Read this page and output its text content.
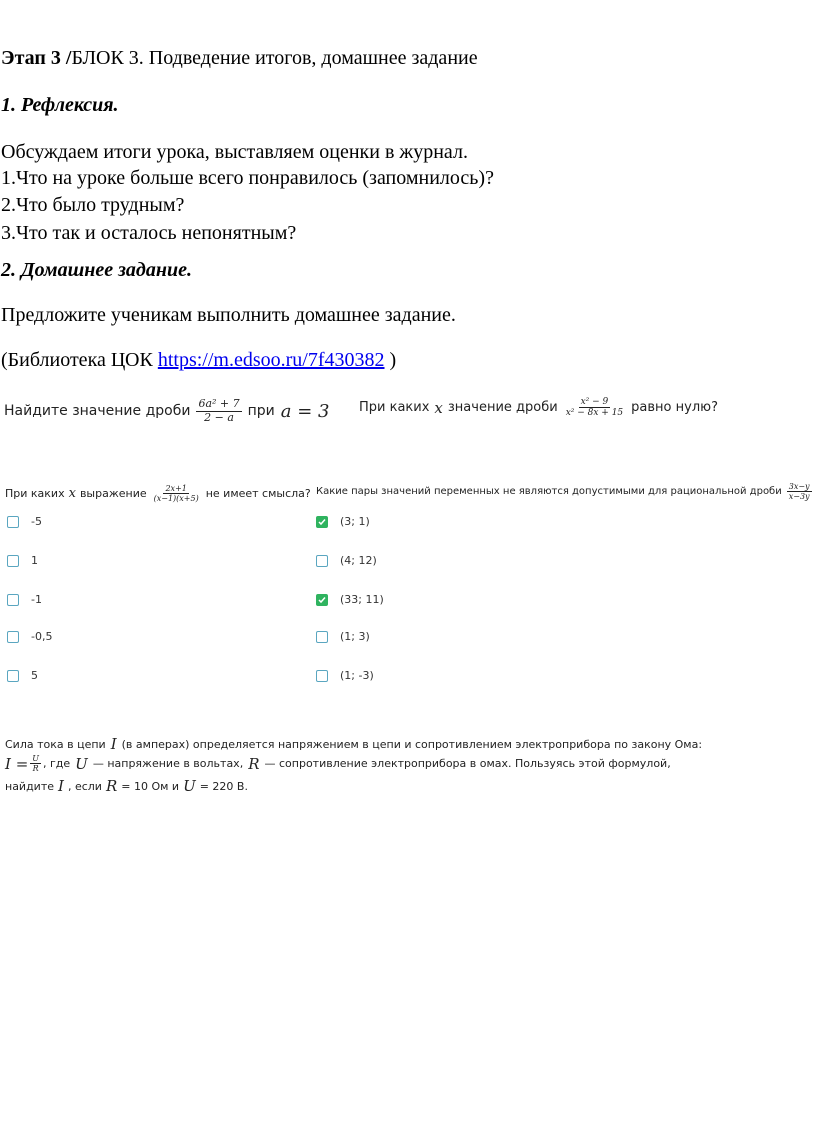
Этап 3 /БЛОК 3. Подведение итогов, домашнее задание
1. Рефлексия.
Обсуждаем итоги урока, выставляем оценки в журнал.
1.Что на уроке больше всего понравилось (запомнилось)?
2.Что было трудным?
3.Что так и осталось непонятным?
2. Домашнее задание.
Предложите ученикам выполнить домашнее задание.
(Библиотека ЦОК https://m.edsoo.ru/7f430382 )
Найдите значение дроби $\frac{\text{6a² + 7}}{2 - a}$ при a = 3 При каких x значение дроби $\frac{\text{x² − 9}}{\text{x² − 8x + 15}}$ равно нулю?
При каких x выражение $\frac{2x+1}{(x-1)(x+5)}$ не имеет смысла?
-5
1
-1
-0,5
5
Какие пары значений переменных не являются допустимыми для рациональной дроби $\frac{3x-y}{x-3y}$
(3; 1)
(4; 12)
(33; 11)
(1; 3)
(1; -3)
Сила тока в цепи I (в амперах) определяется напряжением в цепи и сопротивлением электроприбора по закону Ома:
$I = \frac{U}{R}$ , где U — напряжение в вольтах, R — сопротивление электроприбора в омах. Пользуясь этой формулой,
найдите I , если R = 10 Ом и U = 220 В.
